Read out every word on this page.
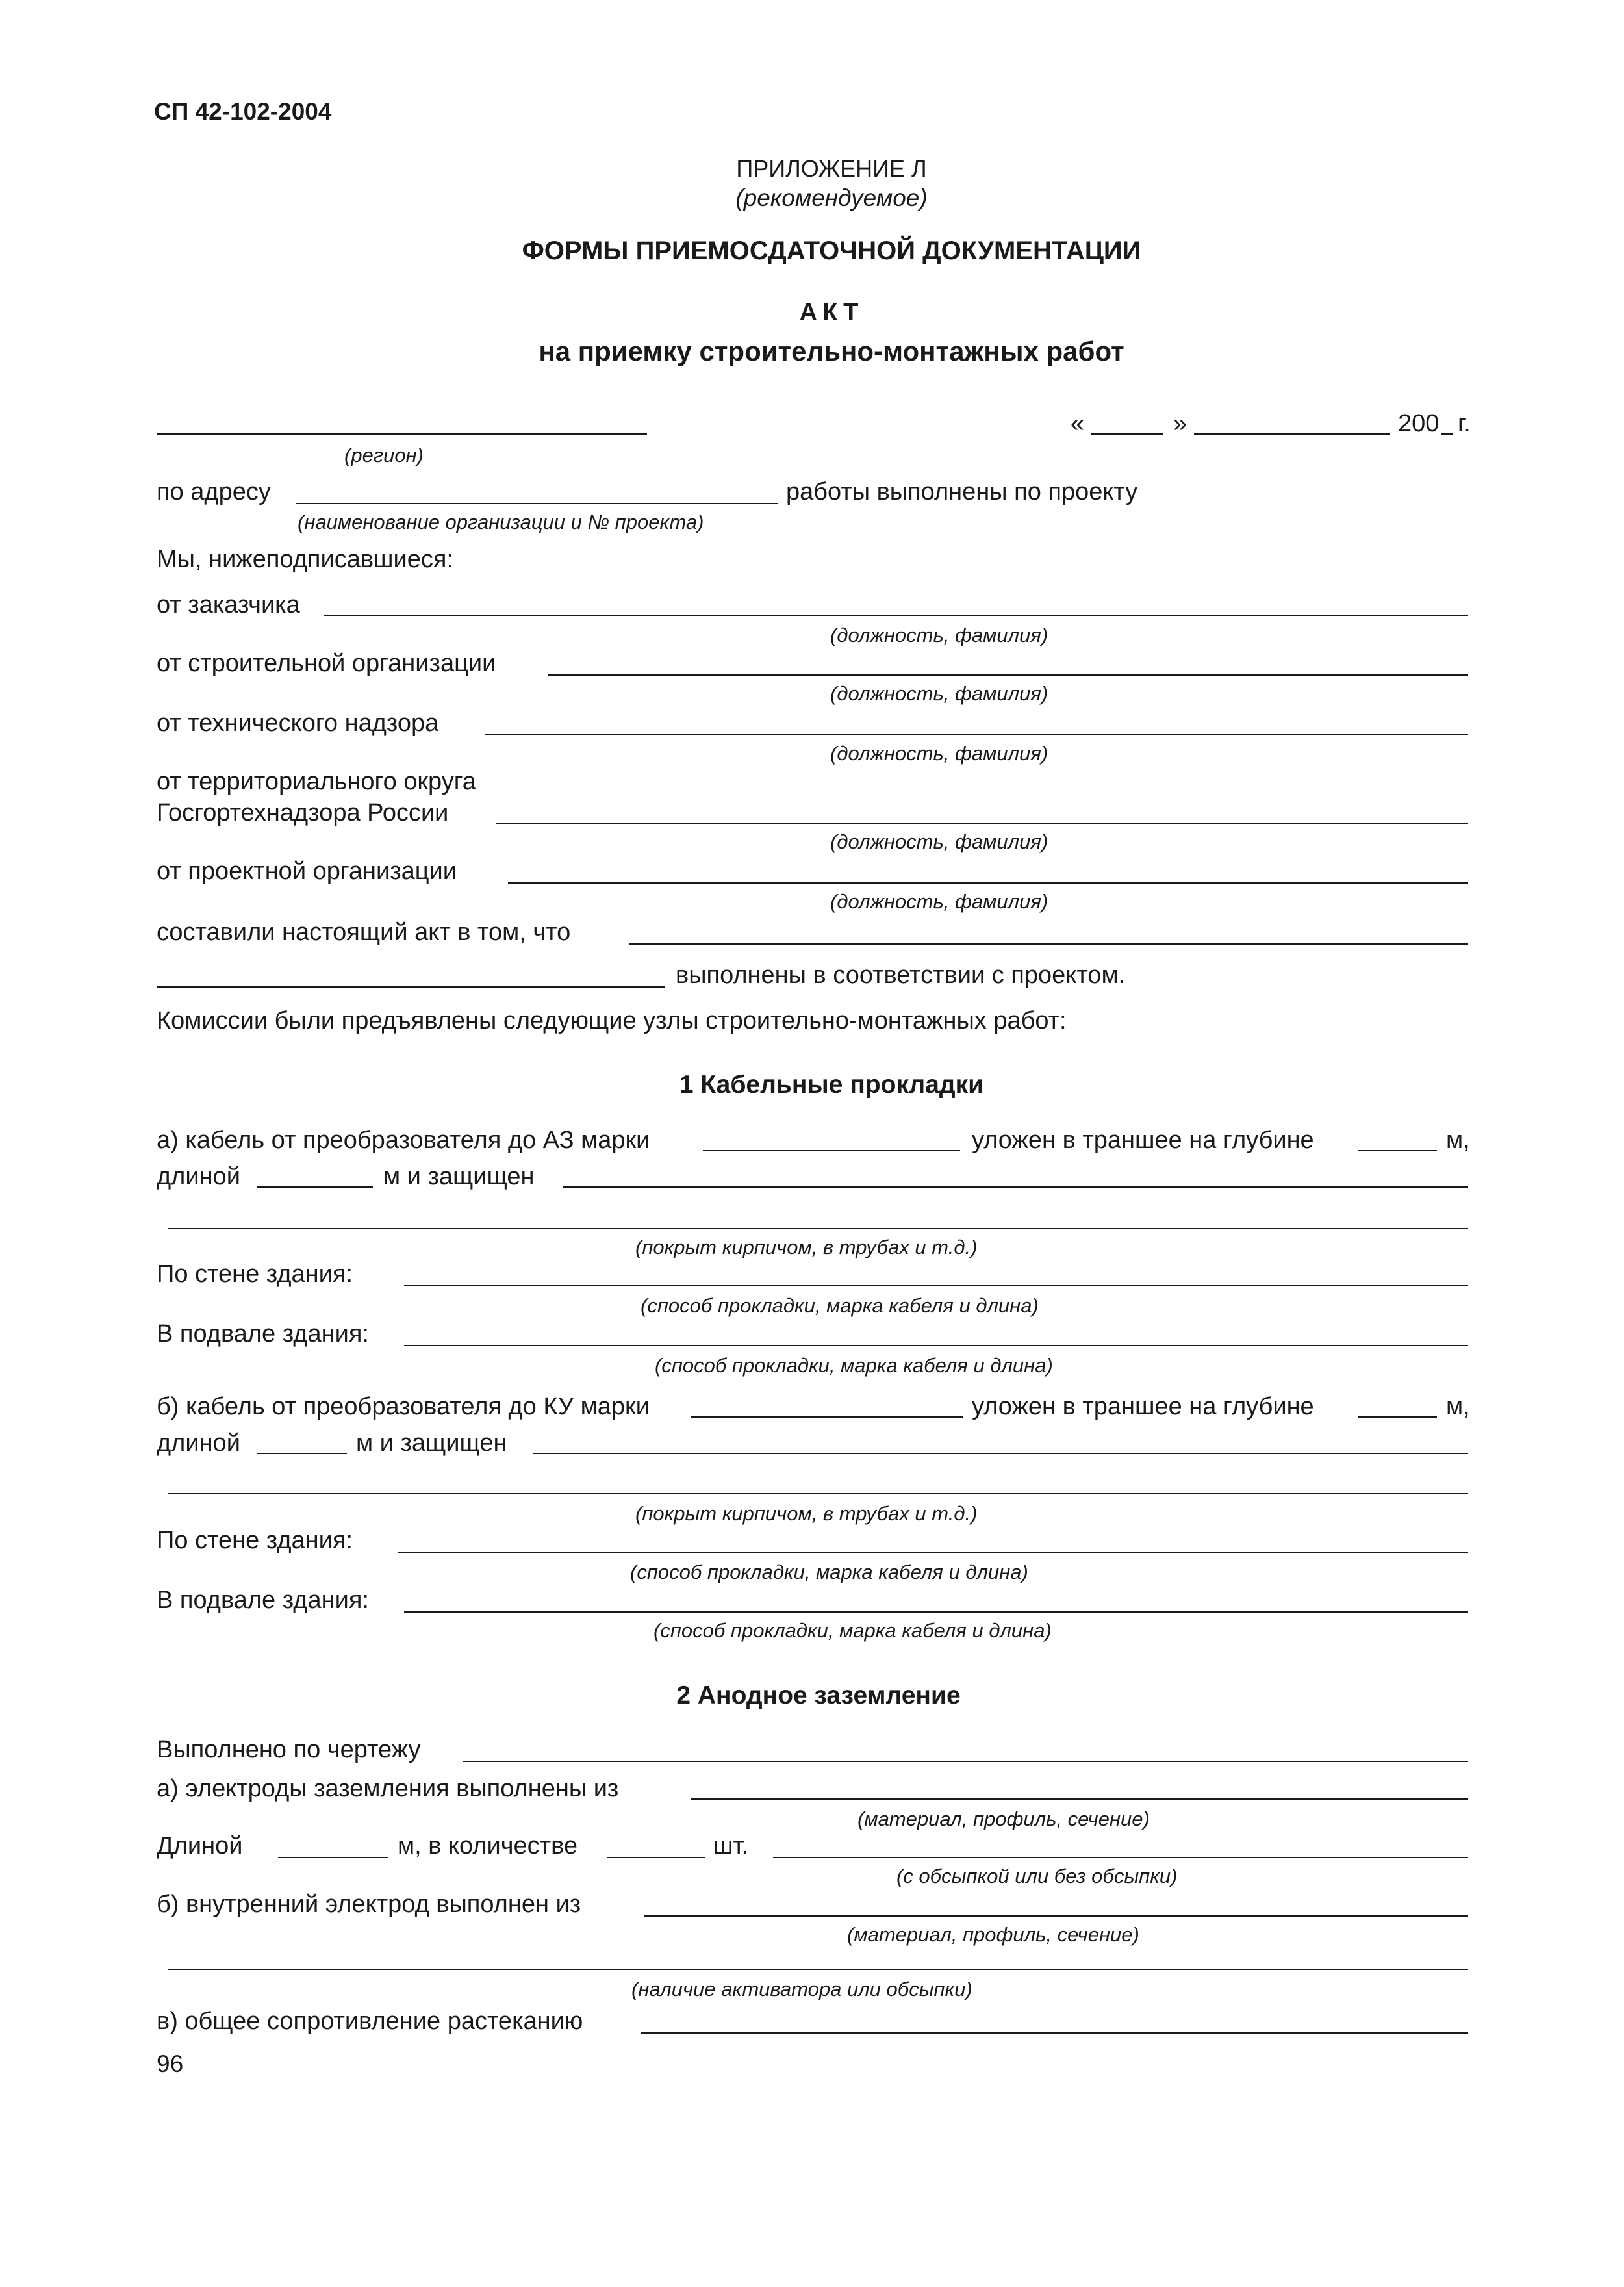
СП 42-102-2004
ПРИЛОЖЕНИЕ Л
(рекомендуемое)
ФОРМЫ ПРИЕМОСДАТОЧНОЙ ДОКУМЕНТАЦИИ
АКТ
на приемку строительно-монтажных работ
«	»	200 г.
(регион)
по адресу	работы выполнены по проекту
(наименование организации и № проекта)
Мы, нижеподписавшиеся:
от заказчика
(должность, фамилия)
от строительной организации
(должность, фамилия)
от технического надзора
(должность, фамилия)
от территориального округа
Госгортехнадзора России
(должность, фамилия)
от проектной организации
(должность, фамилия)
составили настоящий акт в том, что
выполнены в соответствии с проектом.
Комиссии были предъявлены следующие узлы строительно-монтажных работ:
1 Кабельные прокладки
а) кабель от преобразователя до АЗ марки	уложен в траншее на глубине	м,
длиной	м и защищен
(покрыт кирпичом, в трубах и т.д.)
По стене здания:
(способ прокладки, марка кабеля и длина)
В подвале здания:
(способ прокладки, марка кабеля и длина)
б) кабель от преобразователя до КУ марки	уложен в траншее на глубине	м,
длиной	м и защищен
(покрыт кирпичом, в трубах и т.д.)
По стене здания:
(способ прокладки, марка кабеля и длина)
В подвале здания:
(способ прокладки, марка кабеля и длина)
2 Анодное заземление
Выполнено по чертежу
а) электроды заземления выполнены из
(материал, профиль, сечение)
Длиной	м, в количестве	шт.
(с обсыпкой или без обсыпки)
б) внутренний электрод выполнен из
(материал, профиль, сечение)
(наличие активатора или обсыпки)
в) общее сопротивление растеканию
96
